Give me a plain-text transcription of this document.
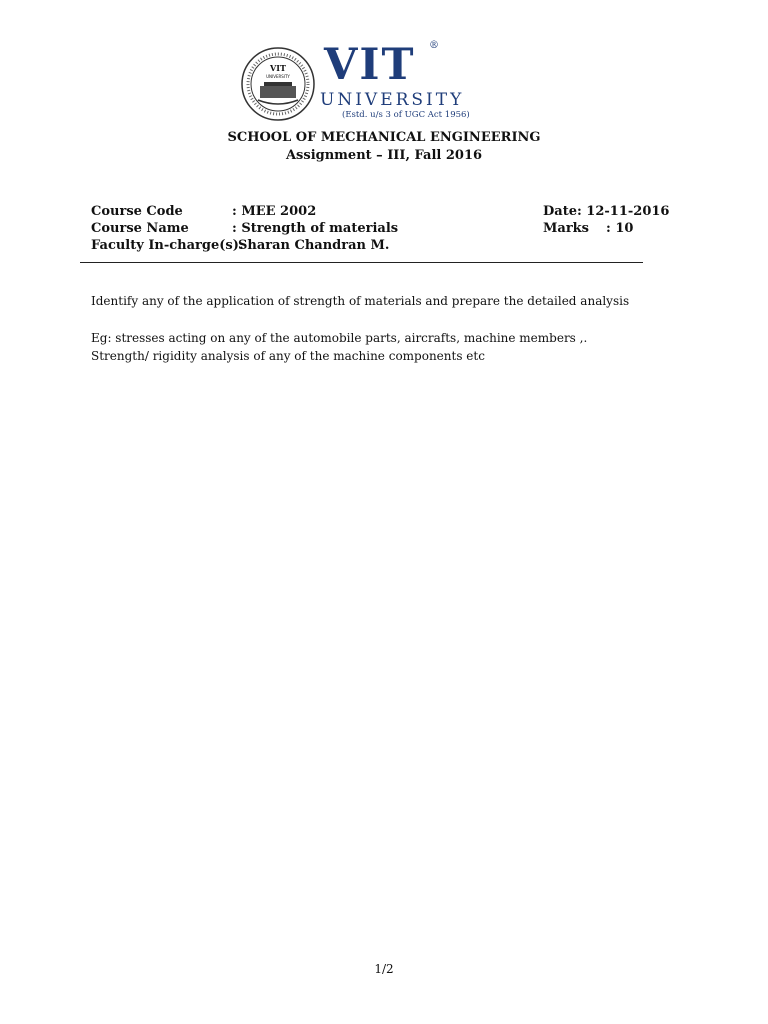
VIT
UNIVERSITY VIT ®
UNIVERSITY
(Estd. u/s 3 of UGC Act 1956)
SCHOOL OF MECHANICAL ENGINEERING
Assignment – III, Fall 2016
Course Code	: MEE 2002
Course Name	: Strength of materials
Faculty In-charge(s):
Sharan Chandran M.
Date: 12-11-2016
Marks : 10
Identify any of the application of strength of materials and prepare the detailed analysis
Eg: stresses acting on any of the automobile parts, aircrafts, machine members ,.
Strength/ rigidity analysis of any of the machine components etc
1/2
